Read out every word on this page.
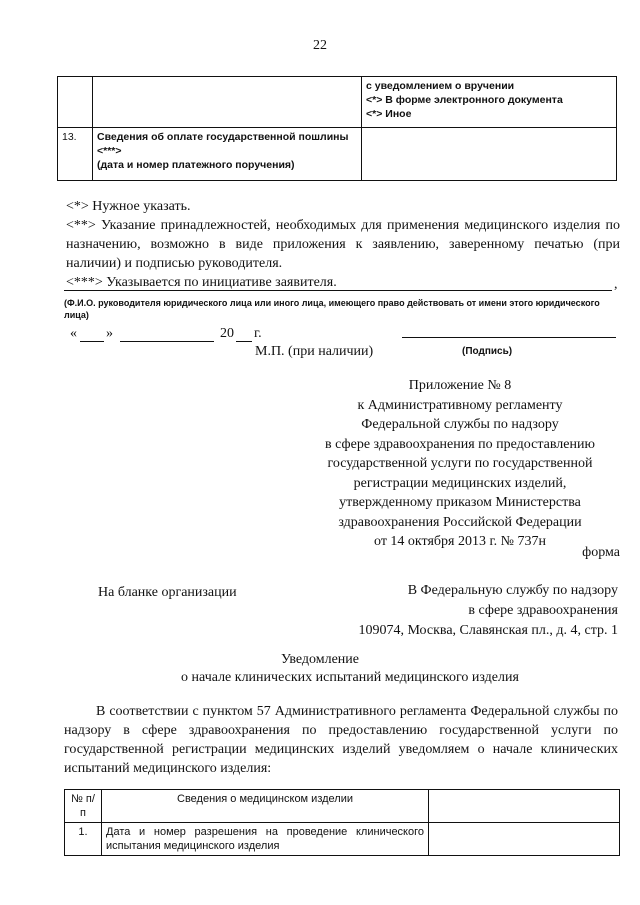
22

		с уведомлением о вручении
<*> В форме электронного документа
<*> Иное

13.	Сведения об оплате государственной пошлины
<***>
(дата и номер платежного поручения)	

<*> Нужное указать.

<**> Указание принадлежностей, необходимых для применения медицинского изделия по назначению, возможно в виде приложения к заявлению, заверенному печатью (при наличии) и подписью руководителя.

<***> Указывается по инициативе заявителя.	,
(Ф.И.О. руководителя юридического лица или иного лица, имеющего право действовать от имени этого юридического лица)
« »	20 г.
М.П. (при наличии)	(Подпись)
Приложение № 8
к Административному регламенту
Федеральной службы по надзору
в сфере здравоохранения по предоставлению
государственной услуги по государственной
регистрации медицинских изделий,
утвержденному приказом Министерства
здравоохранения Российской Федерации
от 14 октября 2013 г. № 737н
форма
На бланке организации	В Федеральную службу по надзору
в сфере здравоохранения
109074, Москва, Славянская пл., д. 4, стр. 1
Уведомление
о начале клинических испытаний медицинского изделия
В соответствии с пунктом 57 Административного регламента Федеральной службы по надзору в сфере здравоохранения по предоставлению государственной услуги по государственной регистрации медицинских изделий уведомляем о начале клинических испытаний медицинского изделия:
№ п/п	Сведения о медицинском изделии	
1.	Дата и номер разрешения на проведение клинического испытания медицинского изделия	
